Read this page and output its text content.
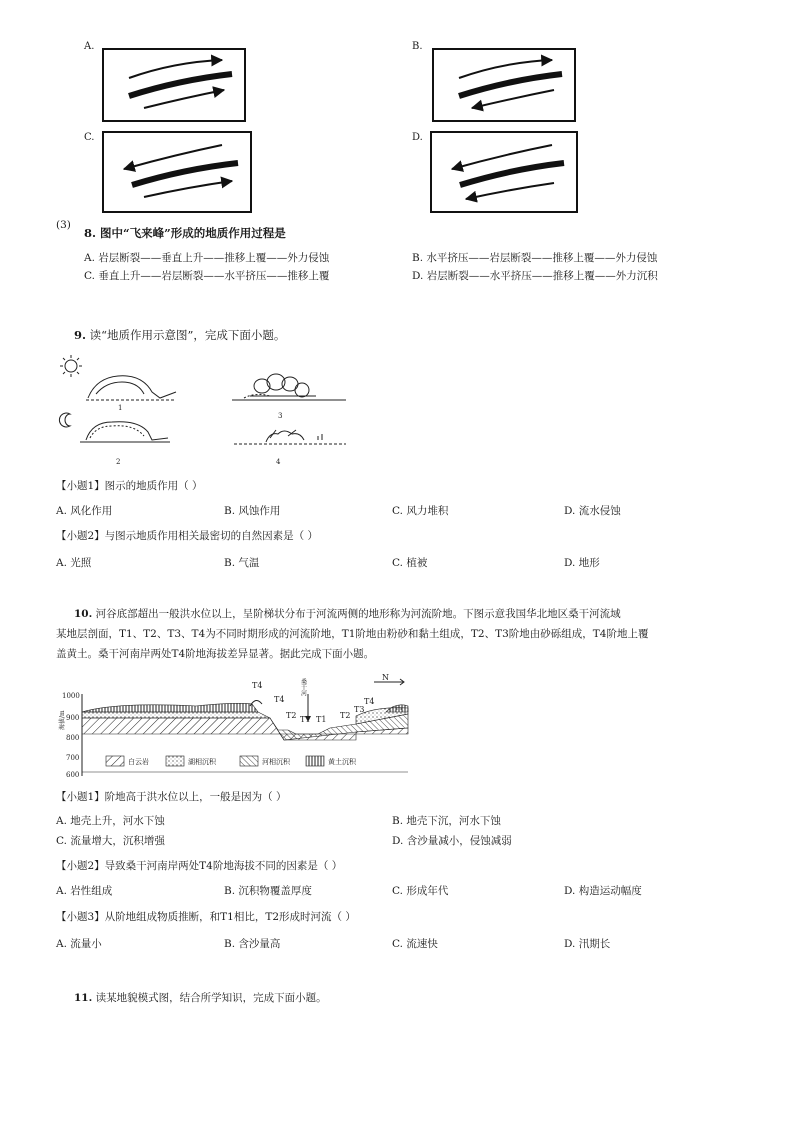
A.	B.
C.	D.
(3)
8. 图中“飞来峰”形成的地质作用过程是
A. 岩层断裂——垂直上升——推移上覆——外力侵蚀	B. 水平挤压——岩层断裂——推移上覆——外力侵蚀
C. 垂直上升——岩层断裂——水平挤压——推移上覆	D. 岩层断裂——水平挤压——推移上覆——外力沉积
9. 读“地质作用示意图”，完成下面小题。
1
2
3
4
【小题1】图示的地质作用（ ）
A. 风化作用	B. 风蚀作用	C. 风力堆积	D. 流水侵蚀
【小题2】与图示地质作用相关最密切的自然因素是（ ）
A. 光照	B. 气温	C. 植被	D. 地形
10. 河谷底部超出一般洪水位以上，呈阶梯状分布于河流两侧的地形称为河流阶地。下图示意我国华北地区桑干河流域
某地层剖面，T1、T2、T3、T4为不同时期形成的河流阶地，T1阶地由粉砂和黏土组成，T2、T3阶地由砂砾组成，T4阶地上覆
盖黄土。桑干河南岸两处T4阶地海拔差异显著。据此完成下面小题。
海拔/m
1000
900
800
700
600
T4
T4
T2 T1 T1 T2
T3
T4
桑干河
N
白云岩	湖相沉积	河相沉积	黄土沉积
【小题1】阶地高于洪水位以上，一般是因为（ ）
A. 地壳上升，河水下蚀	B. 地壳下沉，河水下蚀
C. 流量增大，沉积增强	D. 含沙量减小，侵蚀减弱
【小题2】导致桑干河南岸两处T4阶地海拔不同的因素是（ ）
A. 岩性组成	B. 沉积物覆盖厚度	C. 形成年代	D. 构造运动幅度
【小题3】从阶地组成物质推断，和T1相比，T2形成时河流（ ）
A. 流量小	B. 含沙量高	C. 流速快	D. 汛期长
11. 读某地貌模式图，结合所学知识，完成下面小题。
